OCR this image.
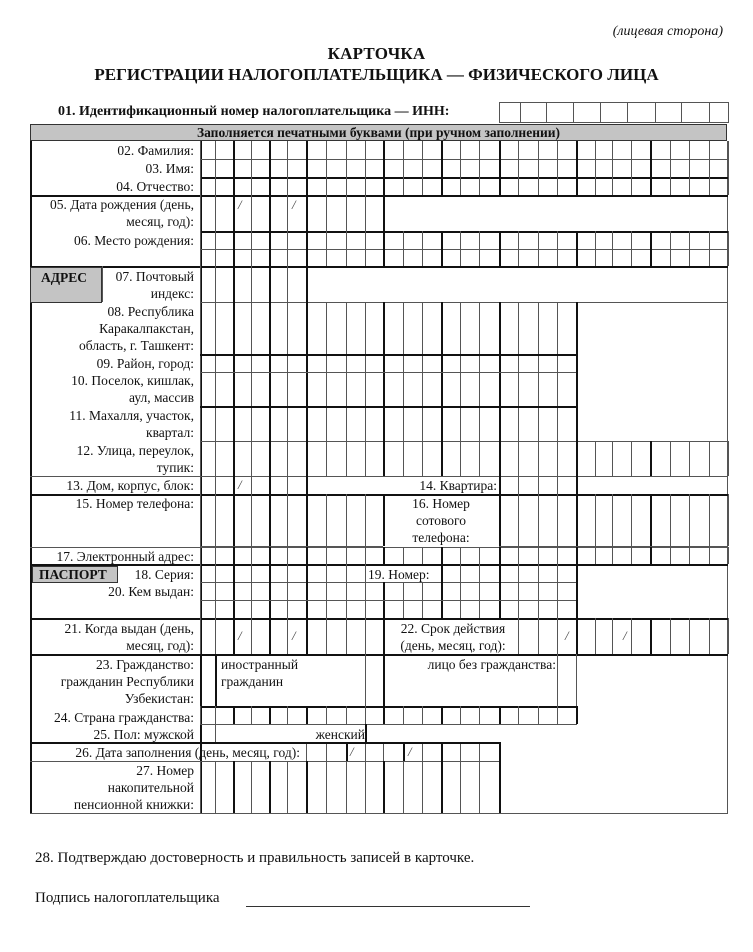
(лицевая сторона)
КАРТОЧКА
РЕГИСТРАЦИИ НАЛОГОПЛАТЕЛЬЩИКА — ФИЗИЧЕСКОГО ЛИЦА
01. Идентификационный номер налогоплательщика — ИНН:
Заполняется печатными буквами (при ручном заполнении)
02. Фамилия:
03. Имя:
04. Отчество:
05. Дата рождения (день,
месяц, год):
06. Место рождения:
АДРЕС	07. Почтовый
индекс:
08. Республика
Каракалпакстан,
область, г. Ташкент:
09. Район, город:
10. Поселок, кишлак,
аул, массив
11. Махалля, участок,
квартал:
12. Улица, переулок,
тупик:
13. Дом, корпус, блок:	14. Квартира:
15. Номер телефона:	16. Номер
сотового
телефона:
17. Электронный адрес:
ПАСПОРТ	18. Серия:	19. Номер:
20. Кем выдан:
21. Когда выдан (день,
месяц, год):
22. Срок действия
(день, месяц, год):
23. Гражданство:
гражданин Республики
Узбекистан:
иностранный
гражданин
лицо без гражданства:
24. Страна гражданства:
25. Пол: мужской	женский
26. Дата заполнения (день, месяц, год):
27. Номер
накопительной
пенсионной книжки:
/	/
/
/	/	/	/
/	/
28. Подтверждаю достоверность и правильность записей в карточке.
Подпись налогоплательщика
